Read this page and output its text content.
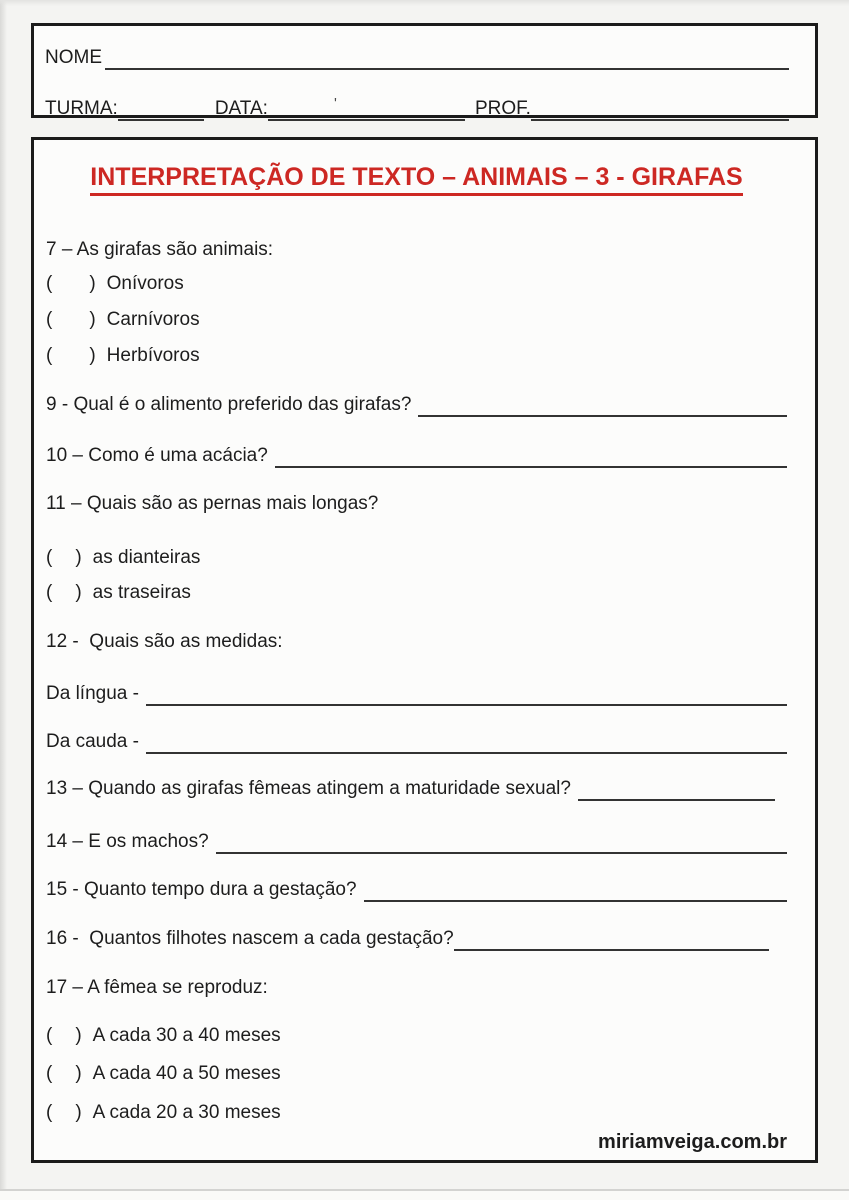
NOME
TURMA:	DATA:	'	PROF.
INTERPRETAÇÃO DE TEXTO – ANIMAIS – 3 - GIRAFAS
7 – As girafas são animais:
( ) Onívoros
( ) Carnívoros
( ) Herbívoros
9 - Qual é o alimento preferido das girafas?
10 – Como é uma acácia?
11 – Quais são as pernas mais longas?
( ) as dianteiras
( ) as traseiras
12 -  Quais são as medidas:
Da língua -
Da cauda -
13 – Quando as girafas fêmeas atingem a maturidade sexual?
14 – E os machos?
15 - Quanto tempo dura a gestação?
16 -  Quantos filhotes nascem a cada gestação?
17 – A fêmea se reproduz:
( ) A cada 30 a 40 meses
( ) A cada 40 a 50 meses
( ) A cada 20 a 30 meses
miriamveiga.com.br
